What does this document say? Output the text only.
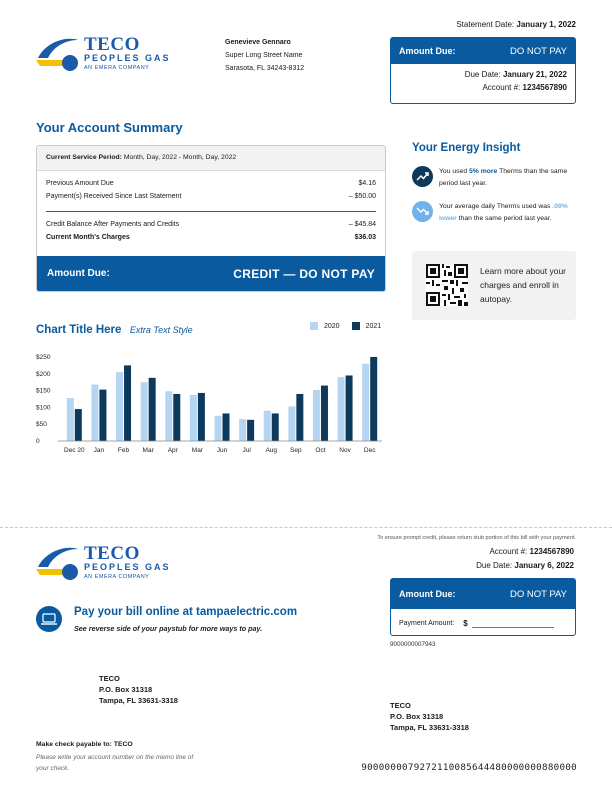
TECO
PEOPLES GAS
AN EMERA COMPANY
Genevieve Gennaro
Super Long Street Name
Sarasota, FL 34243-8312
Statement Date: January 1, 2022
Amount Due:	DO NOT PAY
Due Date: January 21, 2022
Account #: 1234567890
Your Account Summary
Current Service Period: Month, Day, 2022 - Month, Day, 2022
Previous Amount Due	$4.16
Payment(s) Received Since Last Statement	– $50.00
Credit Balance After Payments and Credits	– $45.84
Current Month's Charges	$36.03
Amount Due:	CREDIT — DO NOT PAY
Your Energy Insight
You used 5% more Therms than the same period last year.
Your average daily Therms used was .09% lower than the same period last year.
Learn more about your charges and enroll in autopay.
Chart Title Here Extra Text Style	2020	2021
$250
$200
$150
$100
$50
0
Dec 20 Jan Feb Mar Apr Mar Jun Jul Aug Sep Oct Nov Dec
TECO
PEOPLES GAS
AN EMERA COMPANY
To ensure prompt credit, please return stub portion of this bill with your payment.
Account #: 1234567890
Due Date: January 6, 2022
Amount Due:	DO NOT PAY
Payment Amount: $
9000000007943
Pay your bill online at tampaelectric.com
See reverse side of your paystub for more ways to pay.
TECO
P.O. Box 31318
Tampa, FL 33631-3318
TECO
P.O. Box 31318
Tampa, FL 33631-3318
Make check payable to: TECO
Please write your account number on the memo line of your check.	9000000079272110085644480000000880000
